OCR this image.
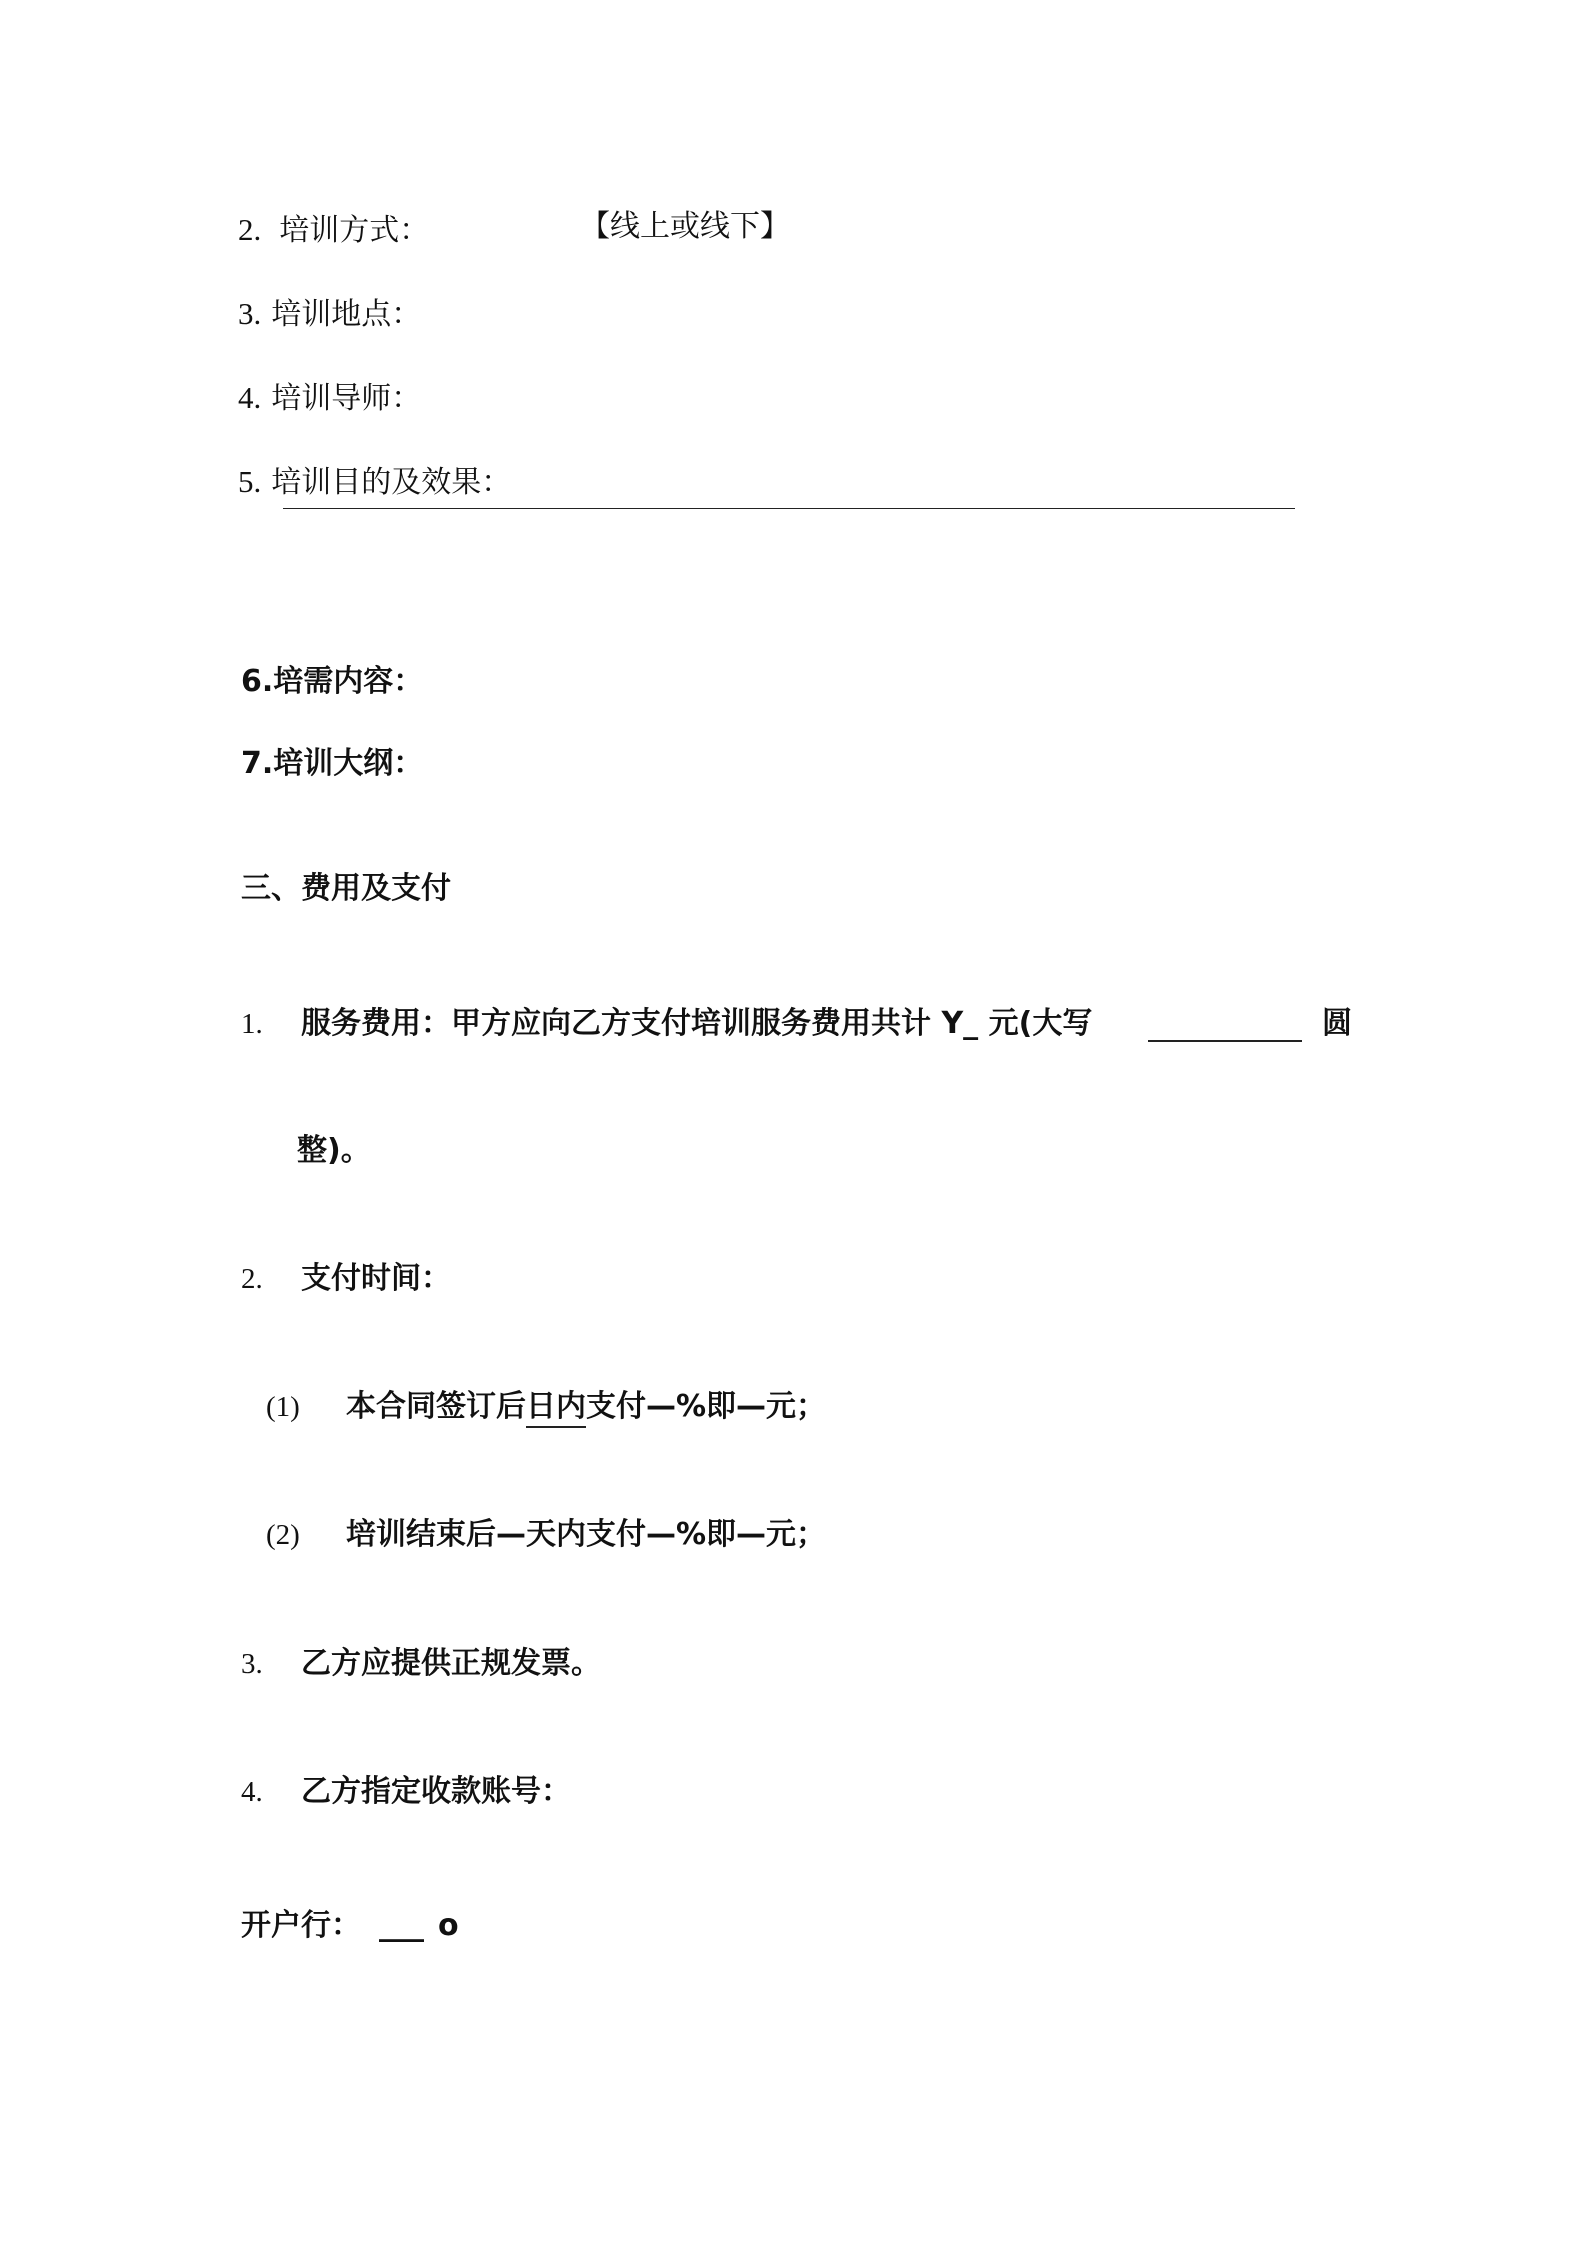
2. 培训方式：	【线上或线下】
3. 培训地点：
4. 培训导师：
5. 培训目的及效果：
6.培需内容：
7.培训大纲：
三、费用及支付
1. 服务费用：甲方应向乙方支付培训服务费用共计 Y_ 元(大写	圆
整)。
2. 支付时间：
(1) 本合同签订后日内支付—%即—元；
(2) 培训结束后—天内支付—%即—元；
3. 乙方应提供正规发票。
4. 乙方指定收款账号：
开户行： ___ o
